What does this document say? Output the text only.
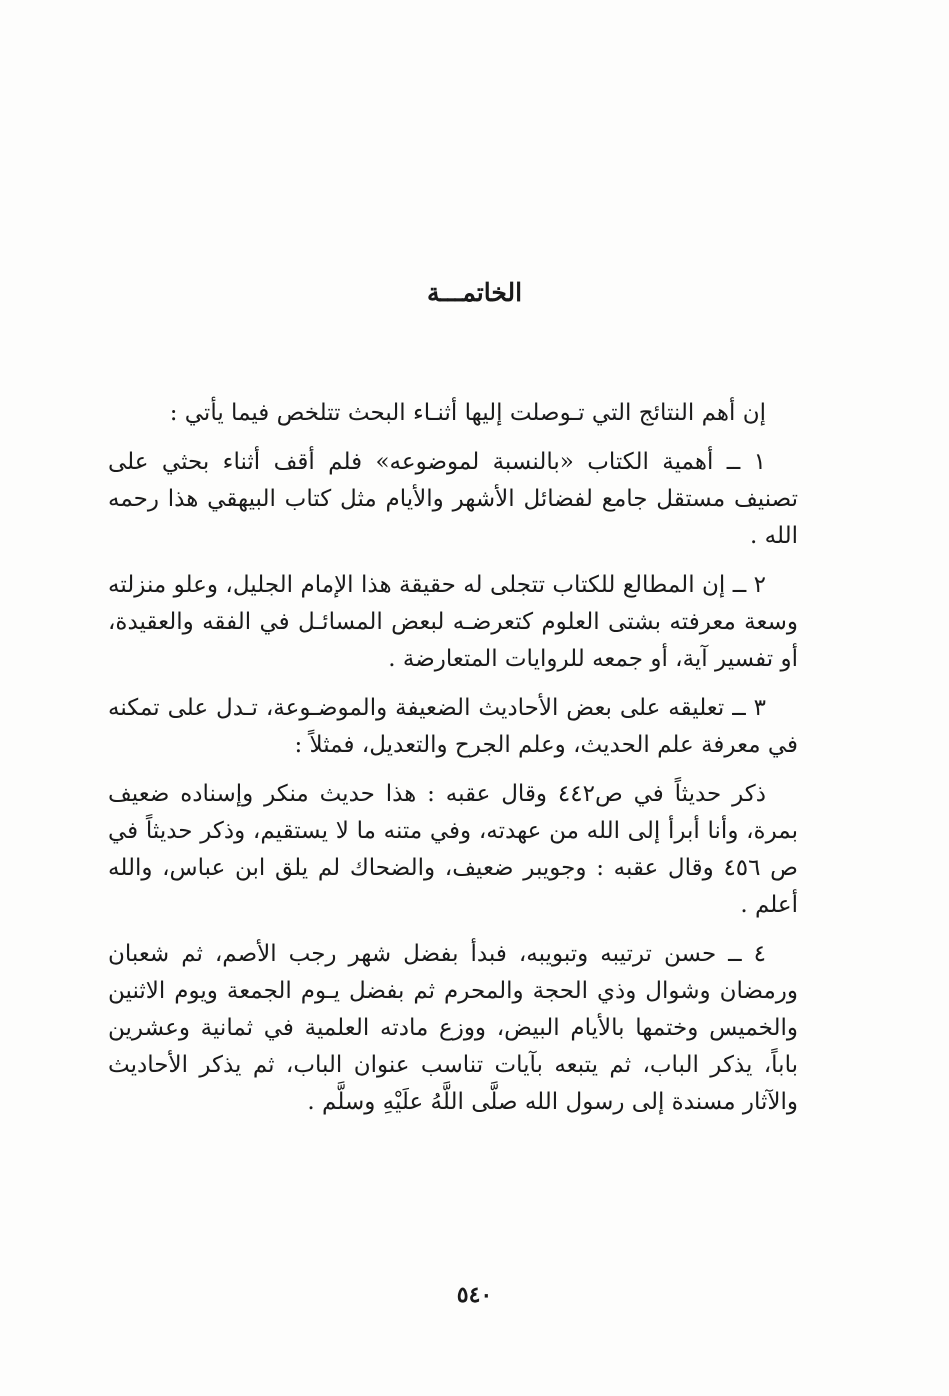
الخاتمـــة

إن أهم النتائج التي تـوصلت إليها أثنـاء البحث تتلخص فيما يأتي :

١ ــ أهمية الكتاب «بالنسبة لموضوعه» فلم أقف أثناء بحثي على تصنيف مستقل جامع لفضائل الأشهر والأيام مثل كتاب البيهقي هذا رحمه الله .

٢ ــ إن المطالع للكتاب تتجلى له حقيقة هذا الإمام الجليل، وعلو منزلته وسعة معرفته بشتى العلوم كتعرضـه لبعض المسائـل في الفقه والعقيدة، أو تفسير آية، أو جمعه للروايات المتعارضة .

٣ ــ تعليقه على بعض الأحاديث الضعيفة والموضـوعة، تـدل على تمكنه في معرفة علم الحديث، وعلم الجرح والتعديل، فمثلاً :

ذكر حديثاً في ص٤٤٢ وقال عقبه : هذا حديث منكر وإسناده ضعيف بمرة، وأنا أبرأ إلى الله من عهدته، وفي متنه ما لا يستقيم، وذكر حديثاً في ص ٤٥٦ وقال عقبه : وجويبر ضعيف، والضحاك لم يلق ابن عباس، والله أعلم .

٤ ــ حسن ترتيبه وتبويبه، فبدأ بفضل شهر رجب الأصم، ثم شعبان ورمضان وشوال وذي الحجة والمحرم ثم بفضل يـوم الجمعة ويوم الاثنين والخميس وختمها بالأيام البيض، ووزع مادته العلمية في ثمانية وعشرين باباً، يذكر الباب، ثم يتبعه بآيات تناسب عنوان الباب، ثم يذكر الأحاديث والآثار مسندة إلى رسول الله صلَّى اللَّهُ علَيْهِ وسلَّم .

٥٤٠
